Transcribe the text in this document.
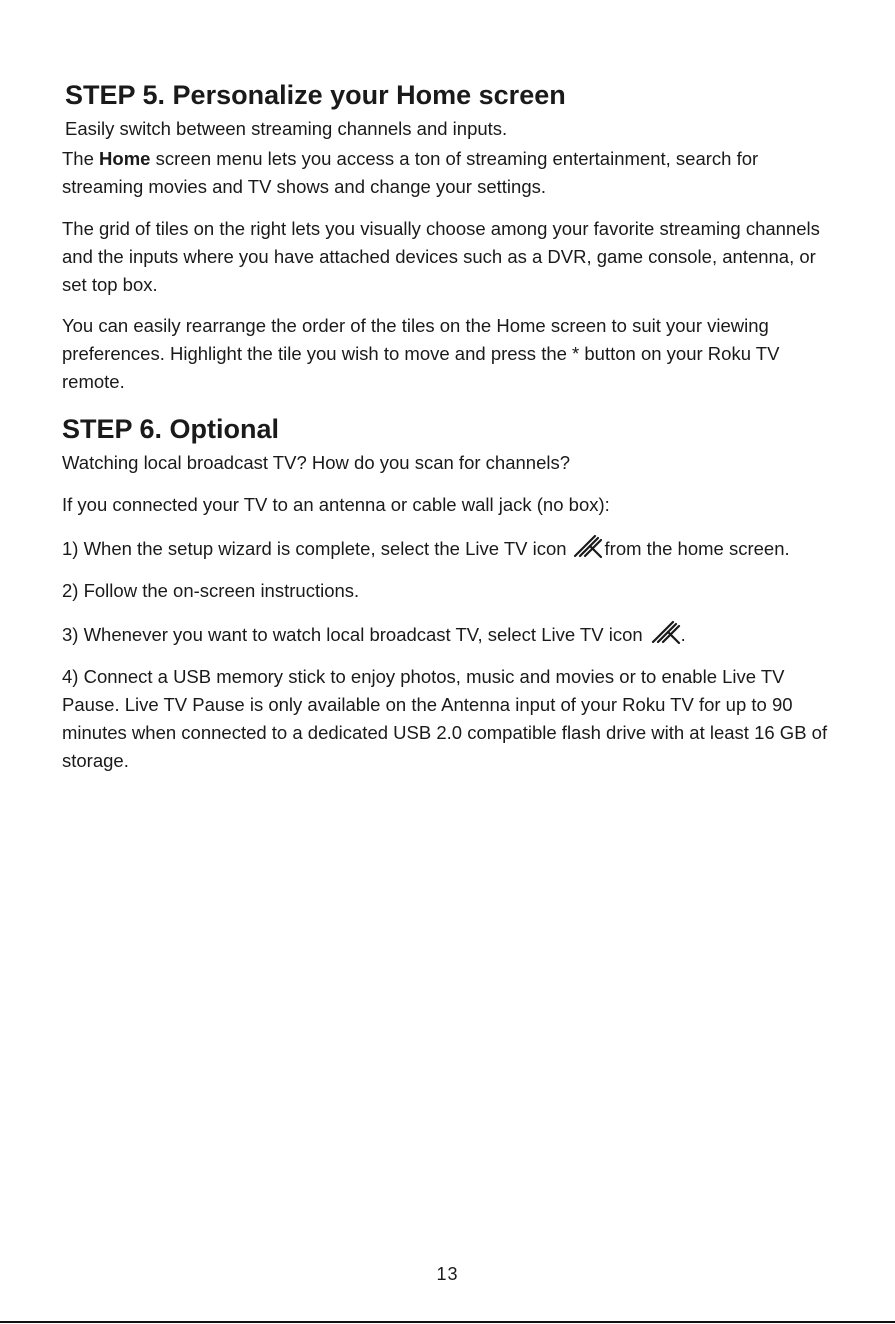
STEP 5. Personalize your Home screen

Easily switch between streaming channels and inputs.

The Home screen menu lets you access a ton of streaming entertainment, search for streaming movies and TV shows and change your settings.

The grid of tiles on the right lets you visually choose among your favorite streaming channels and the inputs where you have attached devices such as a DVR, game console, antenna, or set top box.

You can easily rearrange the order of the tiles on the Home screen to suit your viewing preferences. Highlight the tile you wish to move and press the * button on your Roku TV remote.

STEP 6. Optional

Watching local broadcast TV? How do you scan for channels?

If you connected your TV to an antenna or cable wall jack (no box):

1) When the setup wizard is complete, select the Live TV icon from the home screen.

2) Follow the on-screen instructions.

3) Whenever you want to watch local broadcast TV, select Live TV icon .

4) Connect a USB memory stick to enjoy photos, music and movies or to enable Live TV Pause. Live TV Pause is only available on the Antenna input of your Roku TV for up to 90 minutes when connected to a dedicated USB 2.0 compatible flash drive with at least 16 GB of storage.

13
